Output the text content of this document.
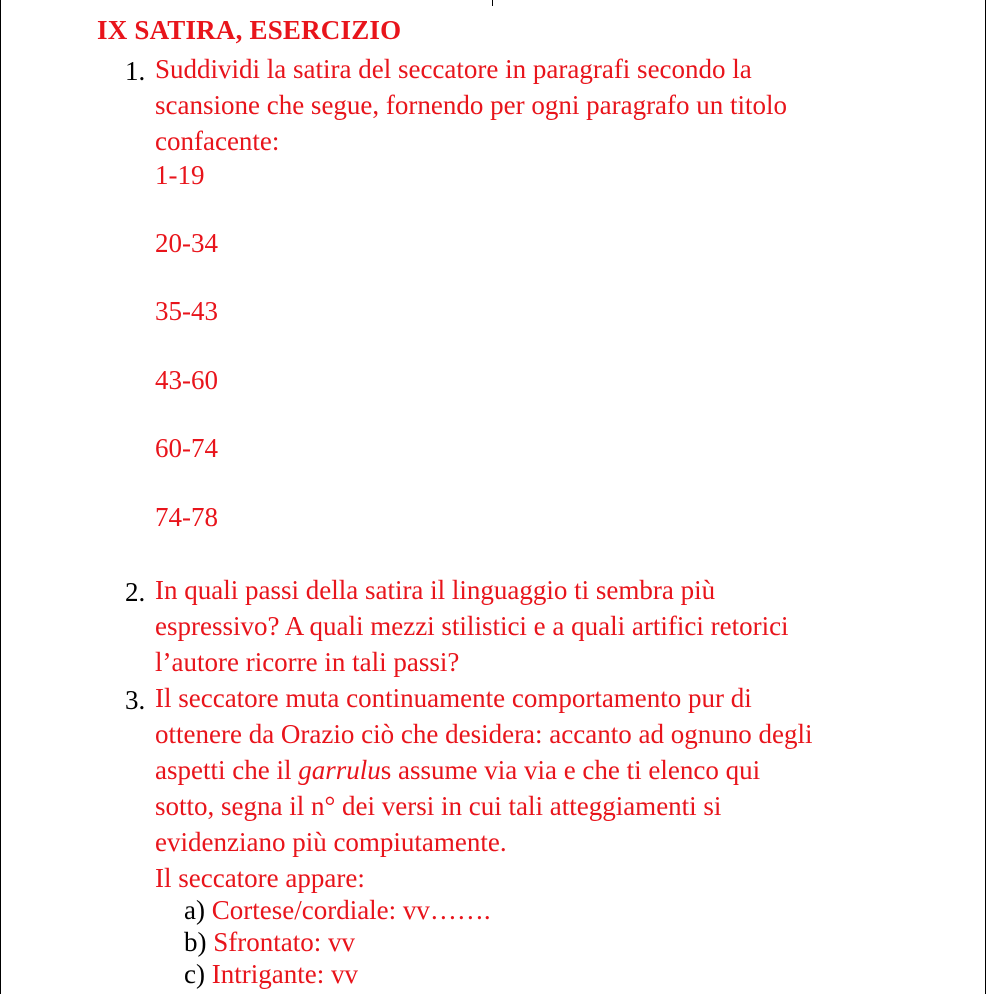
IX SATIRA, ESERCIZIO
1. Suddividi la satira del seccatore in paragrafi secondo la
scansione che segue, fornendo per ogni paragrafo un titolo
confacente:
1-19
20-34
35-43
43-60
60-74
74-78
2. In quali passi della satira il linguaggio ti sembra più
espressivo? A quali mezzi stilistici e a quali artifici retorici
l’autore ricorre in tali passi?
3. Il seccatore muta continuamente comportamento pur di
ottenere da Orazio ciò che desidera: accanto ad ognuno degli
aspetti che il garrulus assume via via e che ti elenco qui
sotto, segna il n° dei versi in cui tali atteggiamenti si
evidenziano più compiutamente.
Il seccatore appare:
a) Cortese/cordiale: vv…….
b) Sfrontato: vv
c) Intrigante: vv
